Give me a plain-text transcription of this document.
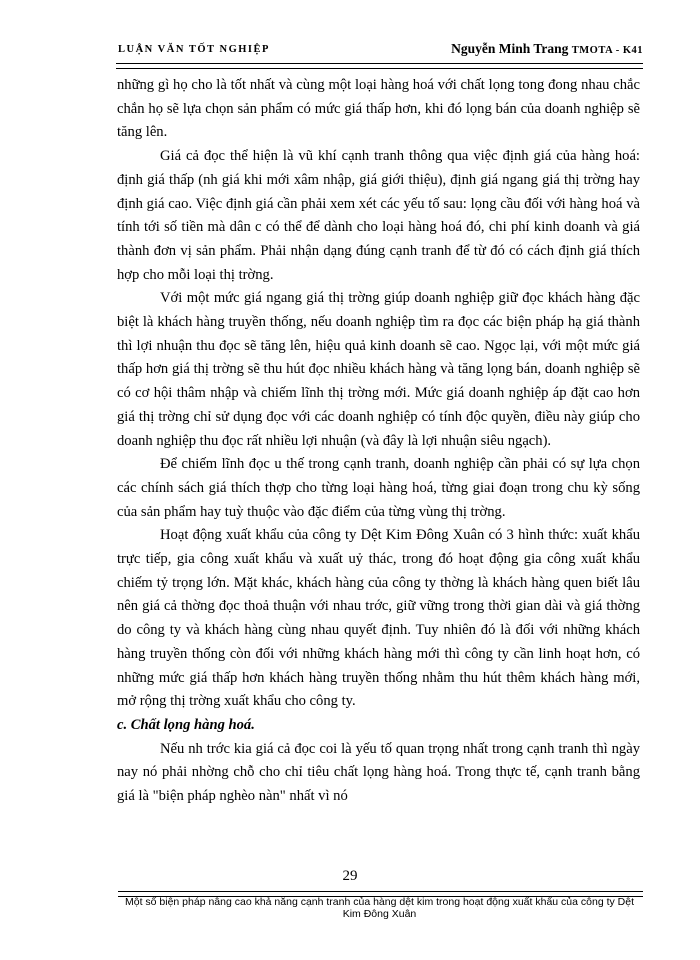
LUẬN VĂN TỐT NGHIỆP	Nguyễn Minh Trang TMOTA - K41

những gì họ cho là tốt nhất và cùng một loại hàng hoá với chất lọng tong đong nhau chắc chắn họ sẽ lựa chọn sản phẩm có mức giá thấp hơn, khi đó lọng bán của doanh nghiệp sẽ tăng lên.

Giá cả đọc thể hiện là vũ khí cạnh tranh thông qua việc định giá của hàng hoá: định giá thấp (nh giá khi mới xâm nhập, giá giới thiệu), định giá ngang giá thị trờng hay định giá cao. Việc định giá cần phải xem xét các yếu tố sau: lọng cầu đối với hàng hoá và tính tới số tiền mà dân c có thể để dành cho loại hàng hoá đó, chi phí kinh doanh và giá thành đơn vị sản phẩm. Phải nhận dạng đúng cạnh tranh để từ đó có cách định giá thích hợp cho mỗi loại thị trờng.

Với một mức giá ngang giá thị trờng giúp doanh nghiệp giữ đọc khách hàng đặc biệt là khách hàng truyền thống, nếu doanh nghiệp tìm ra đọc các biện pháp hạ giá thành thì lợi nhuận thu đọc sẽ tăng lên, hiệu quả kinh doanh sẽ cao. Ngọc lại, với một mức giá thấp hơn giá thị trờng sẽ thu hút đọc nhiều khách hàng và tăng lọng bán, doanh nghiệp sẽ có cơ hội thâm nhập và chiếm lĩnh thị trờng mới. Mức giá doanh nghiệp áp đặt cao hơn giá thị trờng chỉ sử dụng đọc với các doanh nghiệp có tính độc quyền, điều này giúp cho doanh nghiệp thu đọc rất nhiều lợi nhuận (và đây là lợi nhuận siêu ngạch).

Để chiếm lĩnh đọc u thế trong cạnh tranh, doanh nghiệp cần phải có sự lựa chọn các chính sách giá thích thợp cho từng loại hàng hoá, từng giai đoạn trong chu kỳ sống của sản phẩm hay tuỳ thuộc vào đặc điểm của từng vùng thị trờng.

Hoạt động xuất khẩu của công ty Dệt Kim Đông Xuân có 3 hình thức: xuất khẩu trực tiếp, gia công xuất khẩu và xuất uỷ thác, trong đó hoạt động gia công xuất khẩu chiếm tỷ trọng lớn. Mặt khác, khách hàng của công ty thờng là khách hàng quen biết lâu nên giá cả thờng đọc thoả thuận với nhau trớc, giữ vững trong thời gian dài và giá thờng do công ty và khách hàng cùng nhau quyết định. Tuy nhiên đó là đối với những khách hàng truyền thống còn đối với những khách hàng mới thì công ty cần linh hoạt hơn, có những mức giá thấp hơn khách hàng truyền thống nhằm thu hút thêm khách hàng mới, mở rộng thị trờng xuất khẩu cho công ty.

c. Chất lọng hàng hoá.

Nếu nh trớc kia giá cả đọc coi là yếu tố quan trọng nhất trong cạnh tranh thì ngày nay nó phải nhờng chỗ cho chỉ tiêu chất lọng hàng hoá. Trong thực tế, cạnh tranh bằng giá là "biện pháp nghèo nàn" nhất vì nó

29
Một số biện pháp nâng cao khả năng cạnh tranh của hàng dệt kim trong hoạt động xuất khẩu của công ty Dệt Kim Đông Xuân
